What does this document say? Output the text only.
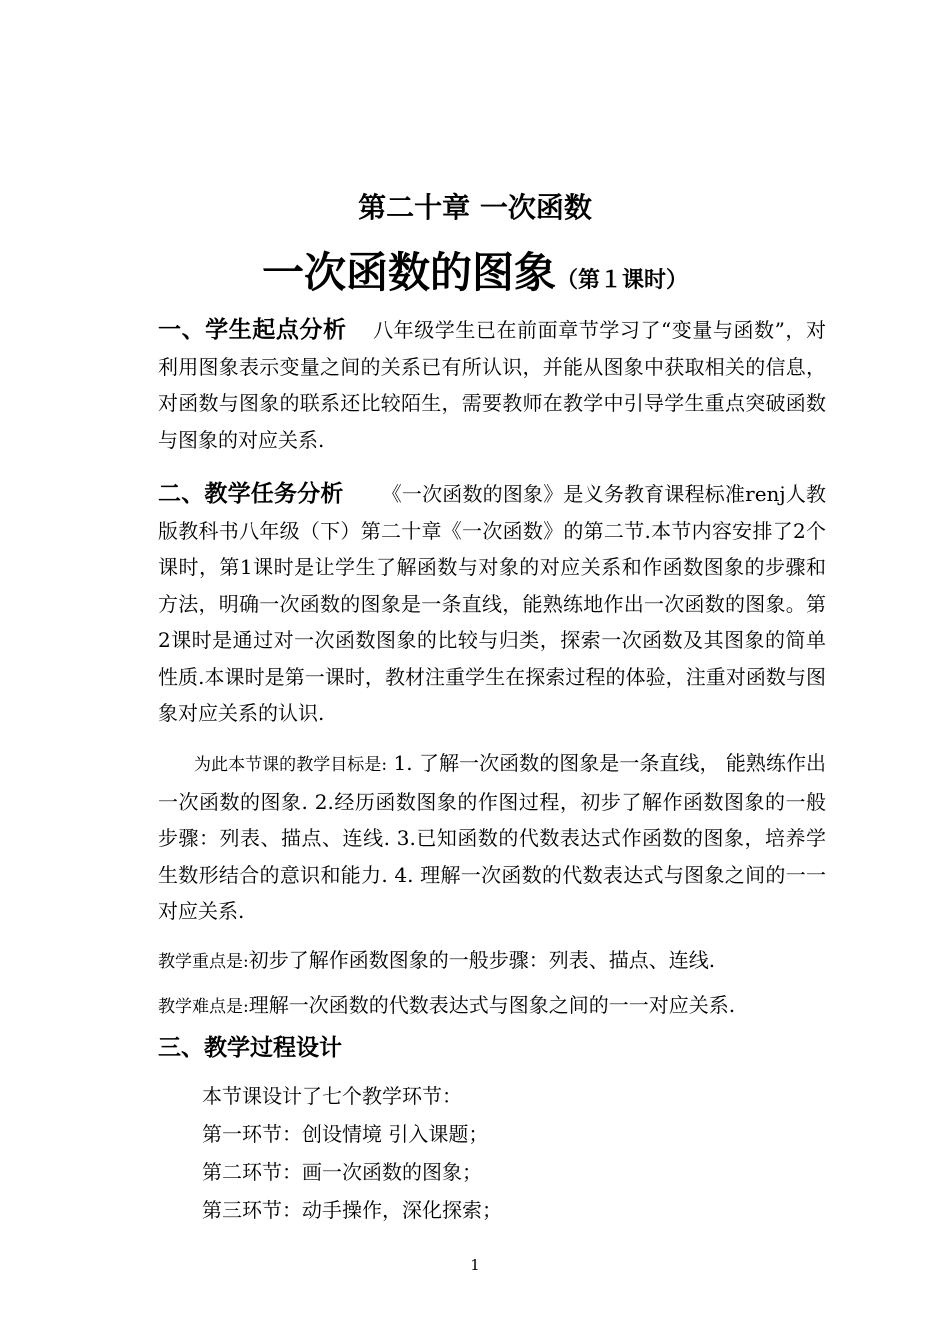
第二十章 一次函数
一次函数的图象（第１课时）
一、学生起点分析 八年级学生已在前面章节学习了“变量与函数”，对利用图象表示变量之间的关系已有所认识，并能从图象中获取相关的信息，对函数与图象的联系还比较陌生，需要教师在教学中引导学生重点突破函数与图象的对应关系.
二、教学任务分析 《一次函数的图象》是义务教育课程标准renj人教版教科书八年级（下）第二十章《一次函数》的第二节.本节内容安排了2个课时，第1课时是让学生了解函数与对象的对应关系和作函数图象的步骤和方法，明确一次函数的图象是一条直线，能熟练地作出一次函数的图象。第2课时是通过对一次函数图象的比较与归类，探索一次函数及其图象的简单性质.本课时是第一课时，教材注重学生在探索过程的体验，注重对函数与图象对应关系的认识.
为此本节课的教学目标是: 1. 了解一次函数的图象是一条直线， 能熟练作出一次函数的图象. 2.经历函数图象的作图过程，初步了解作函数图象的一般步骤：列表、描点、连线. 3.已知函数的代数表达式作函数的图象，培养学生数形结合的意识和能力. 4. 理解一次函数的代数表达式与图象之间的一一对应关系.
教学重点是:初步了解作函数图象的一般步骤：列表、描点、连线.
教学难点是:理解一次函数的代数表达式与图象之间的一一对应关系.
三、教学过程设计
本节课设计了七个教学环节：
第一环节：创设情境 引入课题；
第二环节：画一次函数的图象；
第三环节：动手操作，深化探索；
1
